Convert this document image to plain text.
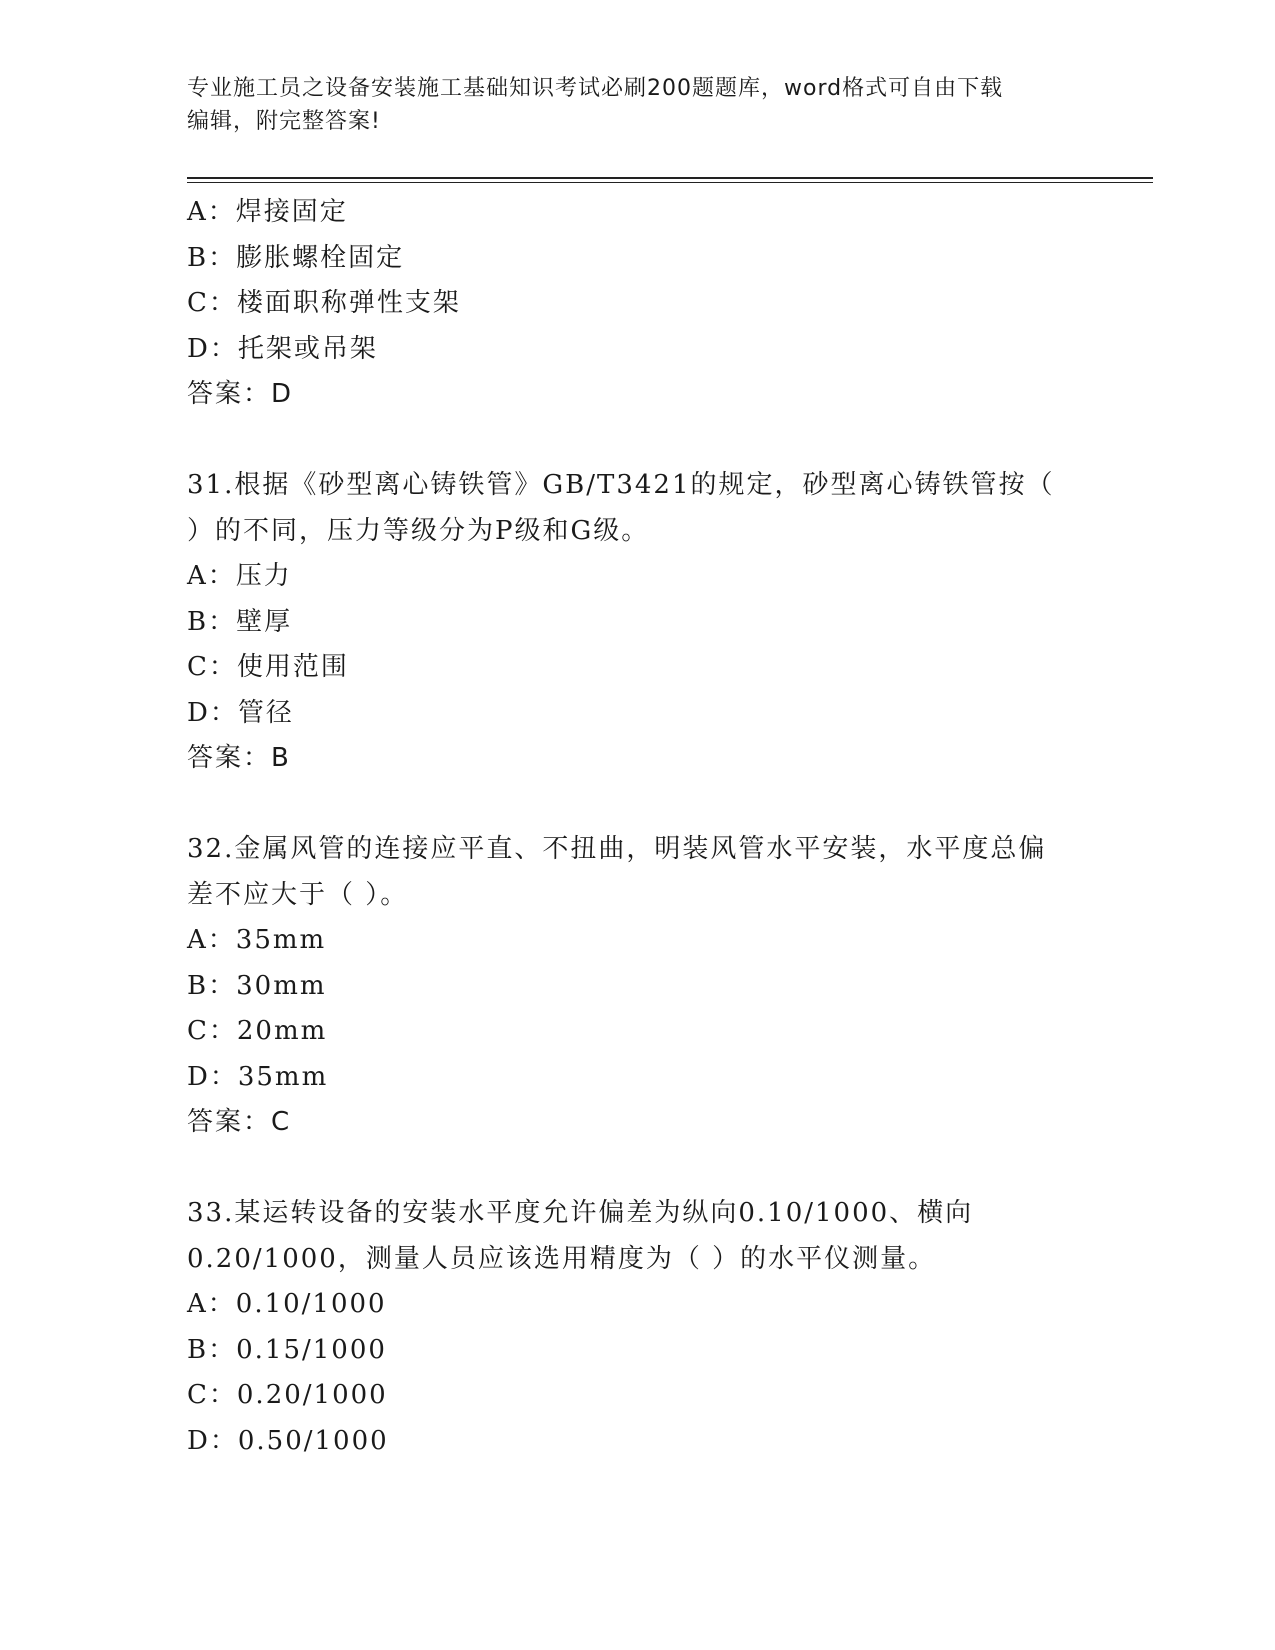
专业施工员之设备安装施工基础知识考试必刷200题题库，word格式可自由下载
编辑，附完整答案!
A：焊接固定
B：膨胀螺栓固定
C：楼面职称弹性支架
D：托架或吊架
答案：D
31.根据《砂型离心铸铁管》GB/T3421的规定，砂型离心铸铁管按（
）的不同，压力等级分为P级和G级。
A：压力
B：壁厚
C：使用范围
D：管径
答案：B
32.金属风管的连接应平直、不扭曲，明装风管水平安装，水平度总偏
差不应大于（ ）。
A：35mm
B：30mm
C：20mm
D：35mm
答案：C
33.某运转设备的安装水平度允许偏差为纵向0.10/1000、横向
0.20/1000，测量人员应该选用精度为（ ）的水平仪测量。
A：0.10/1000
B：0.15/1000
C：0.20/1000
D：0.50/1000
